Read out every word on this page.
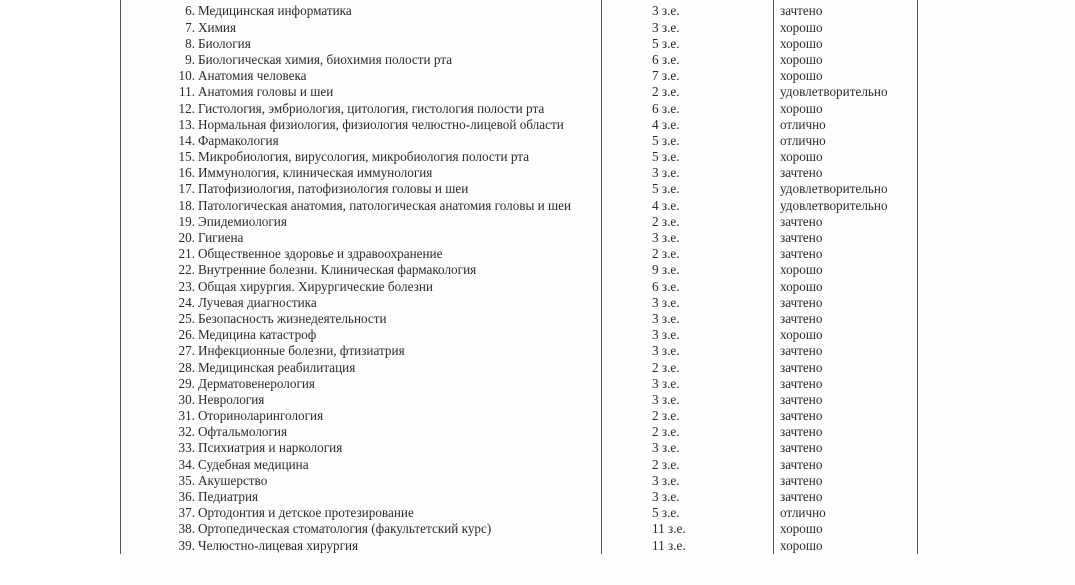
6. Медицинская информатика	3 з.е.	зачтено
7. Химия	3 з.е.	хорошо
8. Биология	5 з.е.	хорошо
9. Биологическая химия, биохимия полости рта	6 з.е.	хорошо
10. Анатомия человека	7 з.е.	хорошо
11. Анатомия головы и шеи	2 з.е.	удовлетворительно
12. Гистология, эмбриология, цитология, гистология полости рта	6 з.е.	хорошо
13. Нормальная физиология, физиология челюстно-лицевой области	4 з.е.	отлично
14. Фармакология	5 з.е.	отлично
15. Микробиология, вирусология, микробиология полости рта	5 з.е.	хорошо
16. Иммунология, клиническая иммунология	3 з.е.	зачтено
17. Патофизиология, патофизиология головы и шеи	5 з.е.	удовлетворительно
18. Патологическая анатомия, патологическая анатомия головы и шеи	4 з.е.	удовлетворительно
19. Эпидемиология	2 з.е.	зачтено
20. Гигиена	3 з.е.	зачтено
21. Общественное здоровье и здравоохранение	2 з.е.	зачтено
22. Внутренние болезни. Клиническая фармакология	9 з.е.	хорошо
23. Общая хирургия. Хирургические болезни	6 з.е.	хорошо
24. Лучевая диагностика	3 з.е.	зачтено
25. Безопасность жизнедеятельности	3 з.е.	зачтено
26. Медицина катастроф	3 з.е.	хорошо
27. Инфекционные болезни, фтизиатрия	3 з.е.	зачтено
28. Медицинская реабилитация	2 з.е.	зачтено
29. Дерматовенерология	3 з.е.	зачтено
30. Неврология	3 з.е.	зачтено
31. Оториноларингология	2 з.е.	зачтено
32. Офтальмология	2 з.е.	зачтено
33. Психиатрия и наркология	3 з.е.	зачтено
34. Судебная медицина	2 з.е.	зачтено
35. Акушерство	3 з.е.	зачтено
36. Педиатрия	3 з.е.	зачтено
37. Ортодонтия и детское протезирование	5 з.е.	отлично
38. Ортопедическая стоматология (факультетский курс)	11 з.е.	хорошо
39. Челюстно-лицевая хирургия	11 з.е.	хорошо
